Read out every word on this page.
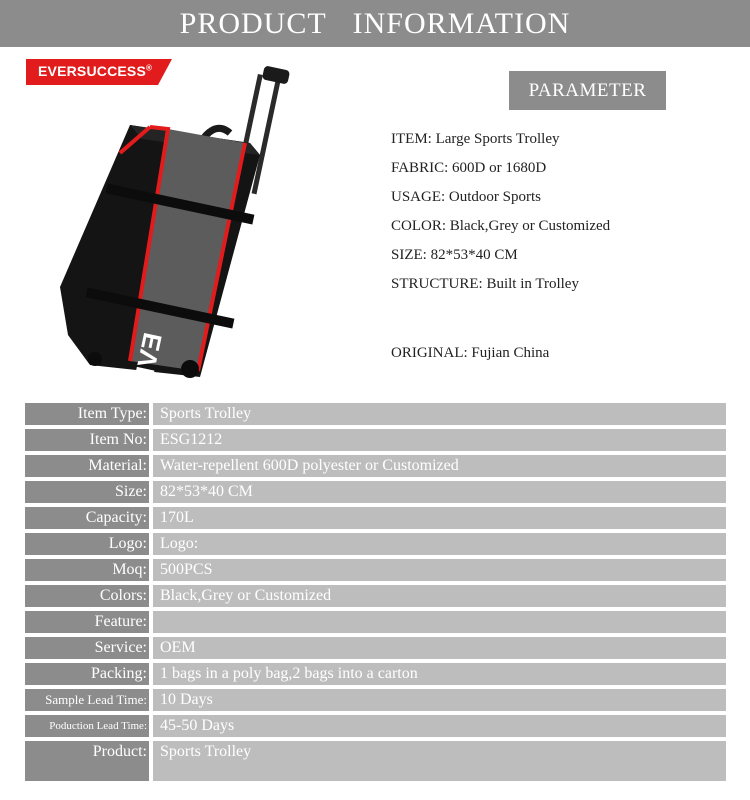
PRODUCT INFORMATION
EVERSUCCESS®
PARAMETER
ITEM: Large Sports Trolley
FABRIC: 600D or 1680D
USAGE: Outdoor Sports
COLOR: Black,Grey or Customized
SIZE: 82*53*40 CM
STRUCTURE: Built in Trolley
ORIGINAL: Fujian China
Item Type: Sports Trolley
Item No: ESG1212
Material: Water-repellent 600D polyester or Customized
Size: 82*53*40 CM
Capacity: 170L
Logo: Logo:
Moq: 500PCS
Colors: Black,Grey or Customized
Feature:
Service: OEM
Packing: 1 bags in a poly bag,2 bags into a carton
Sample Lead Time: 10 Days
Poduction Lead Time: 45-50 Days
Product: Sports Trolley
